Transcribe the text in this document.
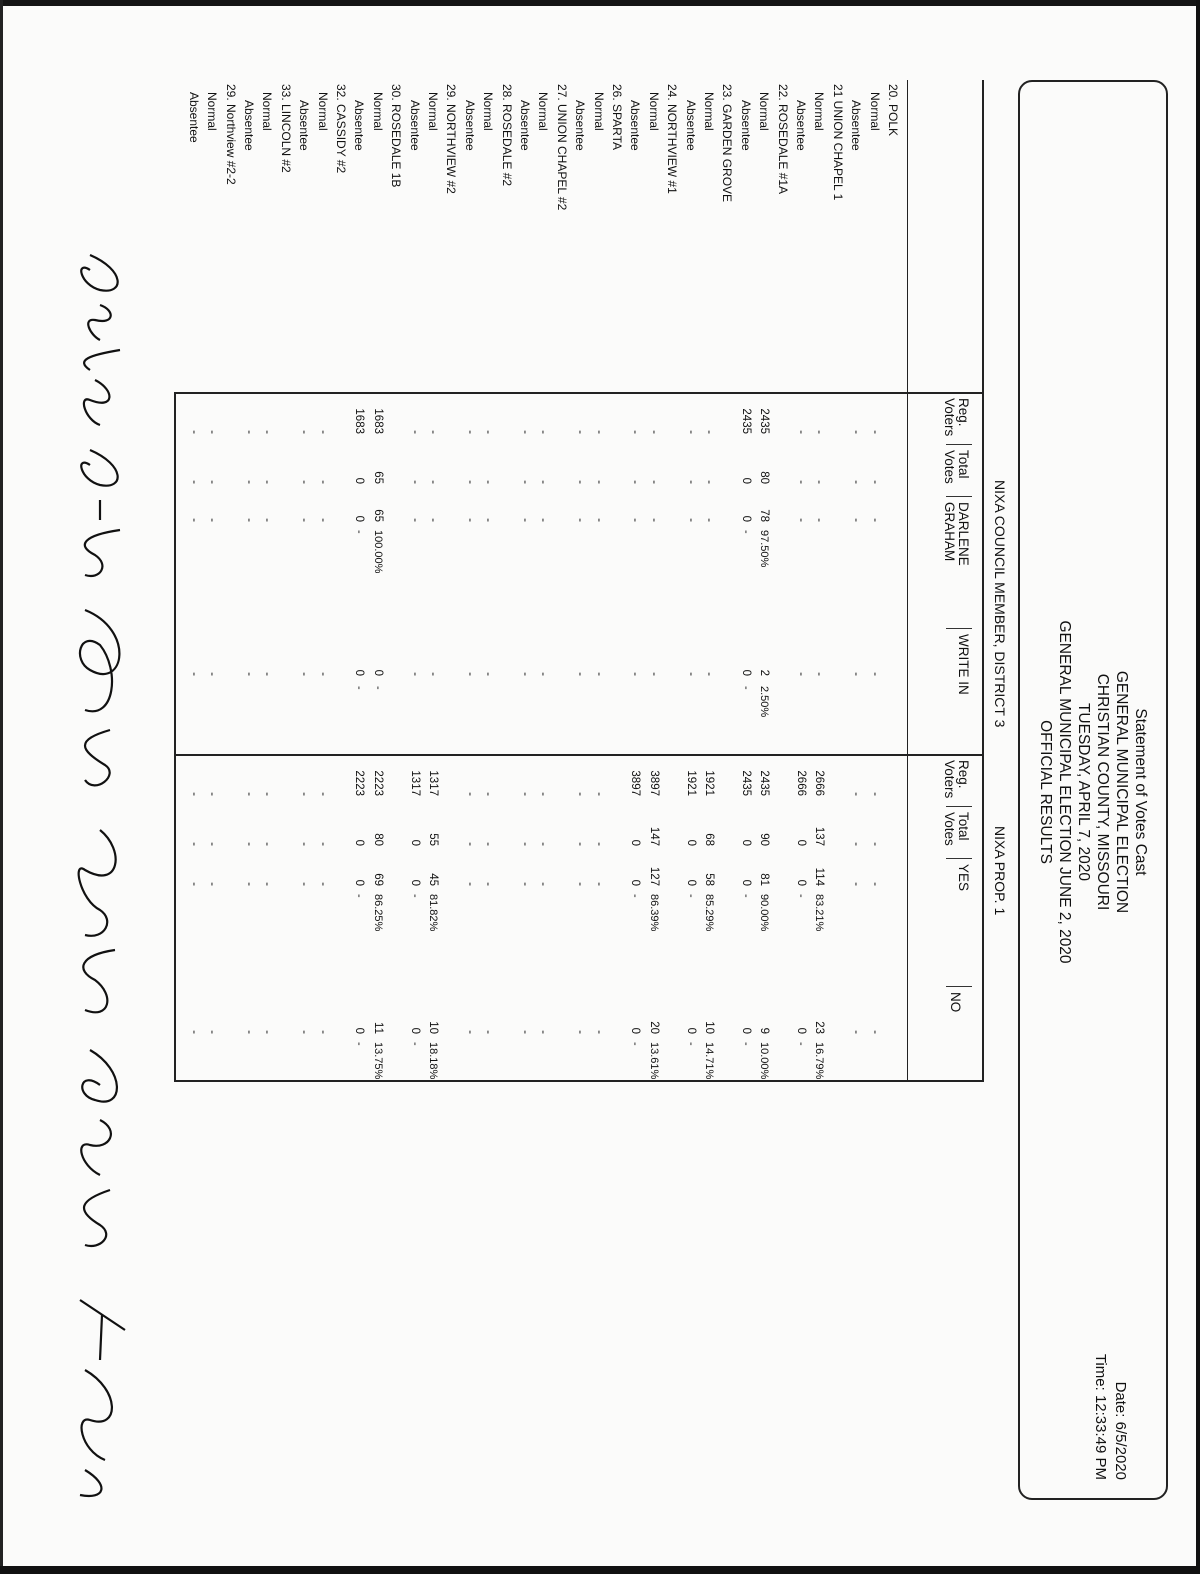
Statement of Votes Cast
GENERAL MUNICIPAL ELECTION
CHRISTIAN COUNTY, MISSOURI
TUESDAY, APRIL 7, 2020
GENERAL MUNICIPAL ELECTION JUNE 2, 2020
OFFICIAL RESULTS
Date: 6/5/2020
Time: 12:33:49 PM
NIXA COUNCIL MEMBER, DISTRICT 3
NIXA PROP. 1
Reg.
Voters
Total
Votes
DARLENE
GRAHAM
WRITE IN
Reg.
Voters
Total
Votes
YES
NO
20. POLK
Normal
-
-
-
-
-
-
-
-
Absentee
-
-
-
-
-
-
-
-
21 UNION CHAPEL 1
Normal
-
-
-
-
2666
137
114
83.21%
23
16.79%
Absentee
-
-
-
-
2666
0
0
-
0
-
22. ROSEDALE #1A
Normal
2435
80
78
97.50%
2
2.50%
2435
90
81
90.00%
9
10.00%
Absentee
2435
0
0
-
0
-
2435
0
0
-
0
-
23. GARDEN GROVE
Normal
-
-
-
-
1921
68
58
85.29%
10
14.71%
Absentee
-
-
-
-
1921
0
0
-
0
-
24. NORTHVIEW #1
Normal
-
-
-
-
3897
147
127
86.39%
20
13.61%
Absentee
-
-
-
-
3897
0
0
-
0
-
26. SPARTA
Normal
-
-
-
-
-
-
-
-
Absentee
-
-
-
-
-
-
-
-
27. UNION CHAPEL #2
Normal
-
-
-
-
-
-
-
-
Absentee
-
-
-
-
-
-
-
-
28. ROSEDALE #2
Normal
-
-
-
-
-
-
-
-
Absentee
-
-
-
-
-
-
-
-
29. NORTHVIEW #2
Normal
-
-
-
-
1317
55
45
81.82%
10
18.18%
Absentee
-
-
-
-
1317
0
0
-
0
-
30. ROSEDALE 1B
Normal
1683
65
65
100.00%
0
-
2223
80
69
86.25%
11
13.75%
Absentee
1683
0
0
-
0
-
2223
0
0
-
0
-
32. CASSIDY #2
Normal
-
-
-
-
-
-
-
-
Absentee
-
-
-
-
-
-
-
-
33. LINCOLN #2
Normal
-
-
-
-
-
-
-
-
Absentee
-
-
-
-
-
-
-
-
29. Northview #2-2
Normal
-
-
-
-
-
-
-
-
Absentee
-
-
-
-
-
-
-
-
